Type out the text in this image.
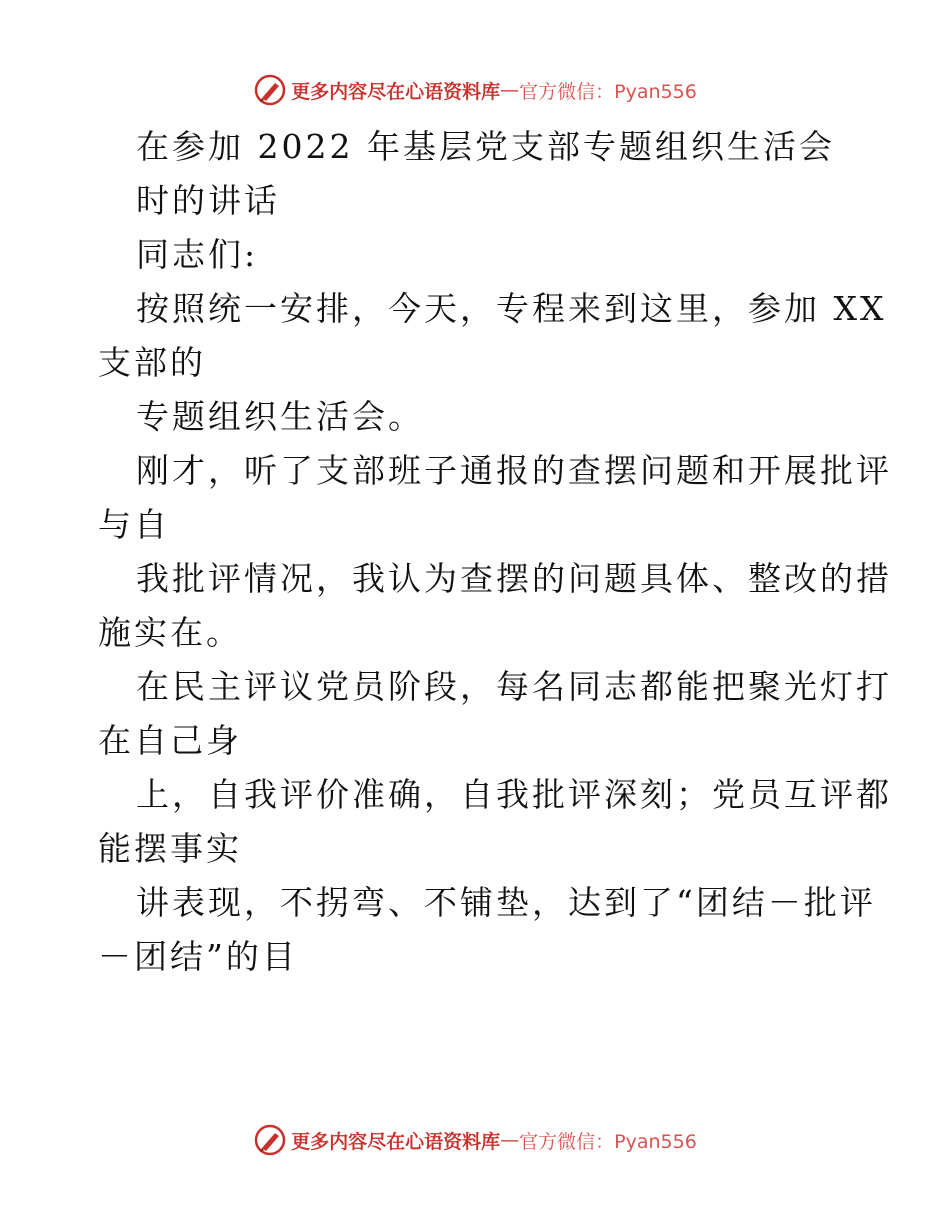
更多内容尽在心语资料库 — 官方微信：Pyan556
在参加 2022 年基层党支部专题组织生活会
时的讲话
同志们:
按照统一安排，今天，专程来到这里，参加 XX
支部的
专题组织生活会。
刚才，听了支部班子通报的查摆问题和开展批评
与自
我批评情况，我认为查摆的问题具体、整改的措
施实在。
在民主评议党员阶段，每名同志都能把聚光灯打
在自己身
上，自我评价准确，自我批评深刻；党员互评都
能摆事实
讲表现，不拐弯、不铺垫，达到了“团结－批评
－团结”的目
更多内容尽在心语资料库 — 官方微信：Pyan556
